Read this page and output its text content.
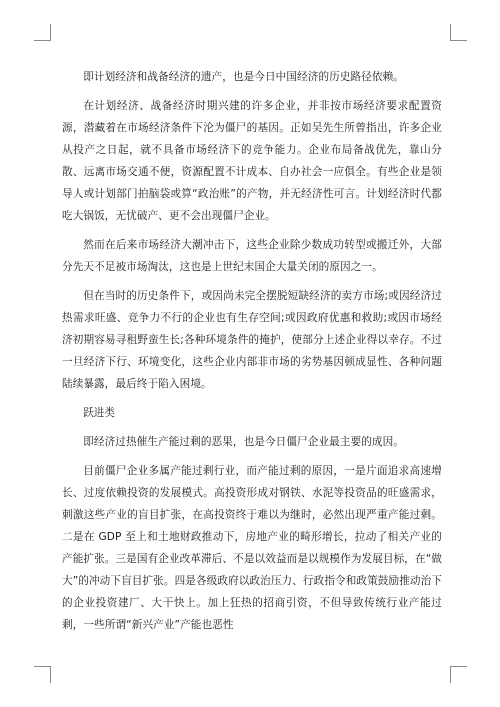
即计划经济和战备经济的遗产，也是今日中国经济的历史路径依赖。

在计划经济、战备经济时期兴建的许多企业，并非按市场经济要求配置资源，潜藏着在市场经济条件下沦为僵尸的基因。正如吴先生所曾指出，许多企业从投产之日起，就不具备市场经济下的竞争能力。企业布局备战优先，靠山分散、远离市场交通不便，资源配置不计成本、自办社会一应俱全。有些企业是领导人或计划部门拍脑袋或算“政治账”的产物，并无经济性可言。计划经济时代都吃大锅饭，无忧破产、更不会出现僵尸企业。

然而在后来市场经济大潮冲击下，这些企业除少数成功转型或搬迁外，大部分先天不足被市场淘汰，这也是上世纪末国企大量关闭的原因之一。

但在当时的历史条件下，或因尚未完全摆脱短缺经济的卖方市场;或因经济过热需求旺盛、竞争力不行的企业也有生存空间;或因政府优惠和救助;或因市场经济初期容易寻租野蛮生长;各种环境条件的掩护，使部分上述企业得以幸存。不过一旦经济下行、环境变化，这些企业内部非市场的劣势基因顿成显性、各种问题陆续暴露，最后终于陷入困境。

跃进类

即经济过热催生产能过剩的恶果，也是今日僵尸企业最主要的成因。

目前僵尸企业多属产能过剩行业，而产能过剩的原因，一是片面追求高速增长、过度依赖投资的发展模式。高投资形成对钢铁、水泥等投资品的旺盛需求，刺激这些产业的盲目扩张，在高投资终于难以为继时，必然出现严重产能过剩。二是在 GDP 至上和土地财政推动下，房地产业的畸形增长，拉动了相关产业的产能扩张。三是国有企业改革滞后、不是以效益而是以规模作为发展目标，在“做大”的冲动下盲目扩张。四是各级政府以政治压力、行政指令和政策鼓励推动治下的企业投资建厂、大干快上。加上狂热的招商引资，不但导致传统行业产能过剩，一些所谓“新兴产业”产能也恶性
